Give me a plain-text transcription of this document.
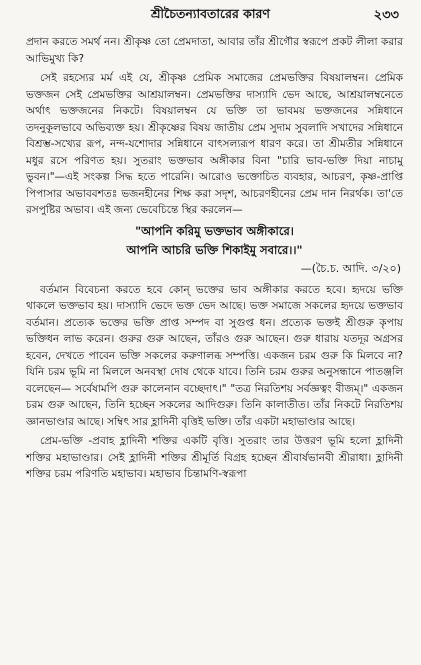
শ্রীচৈতন্যাবতারের কারণ	২৩৩

প্রদান করতে সমর্থ নন। শ্রীকৃষ্ণ তো প্রেমদাতা, আবার তাঁর শ্রীগৌর স্বরূপে প্রকট লীলা করার আভিমুখ্য কি?

সেই রহস্যের মর্ম এই যে, শ্রীকৃষ্ণ প্রেমিক সমাজের প্রেমভক্তির বিষয়ালম্বন। প্রেমিক ভক্তজন সেই প্রেমভক্তির আশ্রয়ালম্বন। প্রেমভক্তির দাস্যাদি ভেদ আছে, আশ্রয়ালম্বনেতে অর্থাৎ ভক্তজনের নিকটে। বিষয়ালম্বন যে ভক্তি তা ভাবময় ভক্তজনের সন্নিধানে তদনুকূলভাবে অভিব্যক্ত হয়। শ্রীকৃষ্ণের বিষয় জাতীয় প্রেম সুদাম সুবলাদি সখাদের সন্নিধানে বিশ্রম্ভ-সখ্যের রূপ, নন্দ-যশোদার সন্নিধানে বাৎসল্যরূপ ধারণ করে। তা শ্রীমতীর সন্নিধানে মধুর রসে পরিণত হয়। সুতরাং ভক্তভাব অঙ্গীকার বিনা "চারি ভাব-ভক্তি দিয়া নাচামু ভুবন।"—এই সংকল্প সিদ্ধ হতে পারেনি। আরোও ভক্তোচিত ব্যবহার, আচরণ, কৃষ্ণ-প্রাপ্তি পিপাসার অভাববশতঃ ভজনহীনের শিক্ষ করা সদৃশ, আচরণহীনের প্রেম দান নিরর্থক। তা'তে রসপুষ্টির অভাব। এই জন্য ভেবেচিন্তে স্থির করলেন—

"আপনি করিমু ভক্তভাব অঙ্গীকারে।
আপনি আচরি ভক্তি শিকাইমু সবারে।।"
—(চৈ.চ. আদি. ৩/২০)

বর্তমান বিবেচনা করতে হবে কোন্ ভক্তের ভাব অঙ্গীকার করতে হবে। হৃদয়ে ভক্তি থাকলে ভক্তভাব হয়। দাস্যাদি ভেদে ভক্ত ভেদ আছে। ভক্ত সমাজে সকলের হৃদয়ে ভক্তভাব বর্তমান। প্রত্যেক ভক্তের ভক্তি প্রাপ্ত সম্পদ বা সুগুপ্ত ধন। প্রত্যেক ভক্তই শ্রীগুরু কৃপায় ভক্তিধন লাভ করেন। গুরুর গুরু আছেন, তাঁরও গুরু আছেন। গুরু ধারায় যতদূর অগ্রসর হবেন, দেখতে পাবেন ভক্তি সকলের করুণালব্ধ সম্পত্তি। একজন চরম গুরু কি মিলবে না? যিনি চরম ভূমি না মিললে অনবস্থা দোষ থেকে যাবে। তিনি চরম গুরুর অনুসন্ধানে পাতঞ্জলি বলেছেন— সর্বেষামপি গুরু কালেনান বচ্ছেদাৎ।" "তত্র নিরতিশয় সর্বজ্ঞত্বং বীজম্।" একজন চরম গুরু আছেন, তিনি হচ্ছেন সকলের আদিগুরু। তিনি কালাতীত। তাঁর নিকটে নিরতিশয় জ্ঞানভাণ্ডার আছে। সম্বিৎ সার হ্লাদিনী বৃত্তিই ভক্তি। তাঁর একটা মহাভাণ্ডার আছে।

প্রেম-ভক্তি -প্রবাহ হ্লাদিনী শক্তির একটি বৃত্তি। সুতরাং তার উত্তরণ ভূমি হলো হ্লাদিনী শক্তির মহাভাণ্ডার। সেই হ্লাদিনী শক্তির শ্রীমূর্তি বিগ্রহ হচ্ছেন শ্রীবার্ষভানবী শ্রীরাধা। হ্লাদিনী শক্তির চরম পরিণতি মহাভাব। মহাভাব চিন্তামণি-স্বরূপা
